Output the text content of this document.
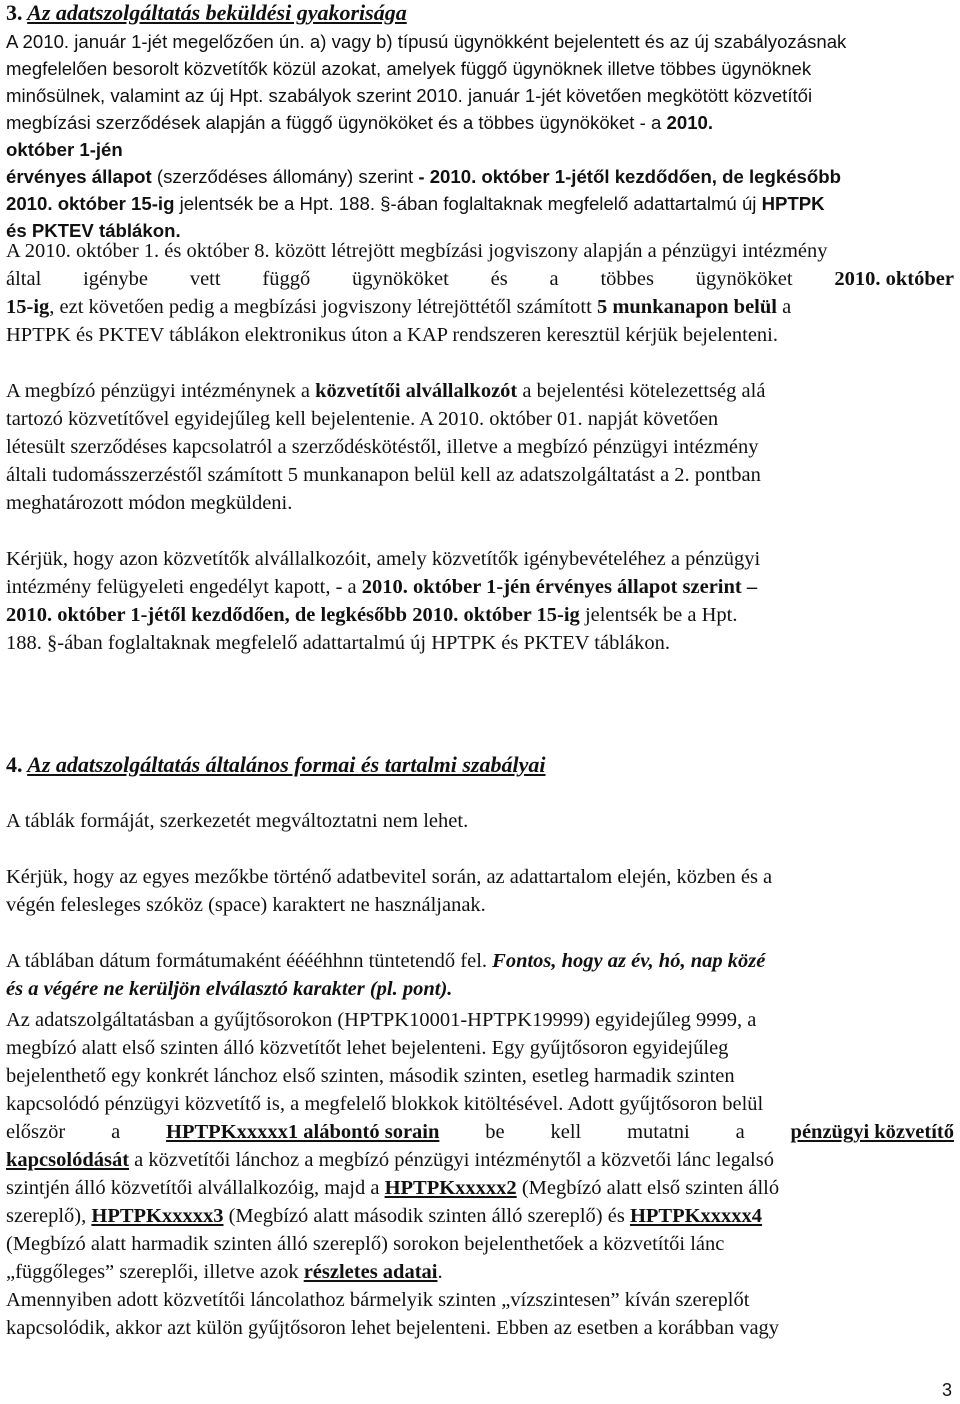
3. Az adatszolgáltatás beküldési gyakorisága

A 2010. január 1-jét megelőzően ún. a) vagy b) típusú ügynökként bejelentett és az új szabályozásnak

megfelelően besorolt közvetítők közül azokat, amelyek függő ügynöknek illetve többes ügynöknek

minősülnek, valamint az új Hpt. szabályok szerint 2010. január 1-jét követően megkötött közvetítői

megbízási szerződések alapján a függő ügynököket és a többes ügynököket - a 2010.

október 1-jén

érvényes állapot (szerződéses állomány) szerint - 2010. október 1-jétől kezdődően, de legkésőbb

2010. október 15-ig jelentsék be a Hpt. 188. §-ában foglaltaknak megfelelő adattartalmú új HPTPK

és PKTEV táblákon.

A 2010. október 1. és október 8. között létrejött megbízási jogviszony alapján a pénzügyi intézmény

által igénybe vett függő ügynököket és a többes ügynököket 2010. október

15-ig, ezt követően pedig a megbízási jogviszony létrejöttétől számított 5 munkanapon belül a

HPTPK és PKTEV táblákon elektronikus úton a KAP rendszeren keresztül kérjük bejelenteni.

A megbízó pénzügyi intézménynek a közvetítői alvállalkozót a bejelentési kötelezettség alá

tartozó közvetítővel egyidejűleg kell bejelentenie. A 2010. október 01. napját követően

létesült szerződéses kapcsolatról a szerződéskötéstől, illetve a megbízó pénzügyi intézmény

általi tudomásszerzéstől számított 5 munkanapon belül kell az adatszolgáltatást a 2. pontban

meghatározott módon megküldeni.

Kérjük, hogy azon közvetítők alvállalkozóit, amely közvetítők igénybevételéhez a pénzügyi

intézmény felügyeleti engedélyt kapott, - a 2010. október 1-jén érvényes állapot szerint –

2010. október 1-jétől kezdődően, de legkésőbb 2010. október 15-ig jelentsék be a Hpt.

188. §-ában foglaltaknak megfelelő adattartalmú új HPTPK és PKTEV táblákon.

4. Az adatszolgáltatás általános formai és tartalmi szabályai

A táblák formáját, szerkezetét megváltoztatni nem lehet.

Kérjük, hogy az egyes mezőkbe történő adatbevitel során, az adattartalom elején, közben és a

végén felesleges szóköz (space) karaktert ne használjanak.

A táblában dátum formátumaként ééééhhnn tüntetendő fel. Fontos, hogy az év, hó, nap közé

és a végére ne kerüljön elválasztó karakter (pl. pont).

Az adatszolgáltatásban a gyűjtősorokon (HPTPK10001-HPTPK19999) egyidejűleg 9999, a

megbízó alatt első szinten álló közvetítőt lehet bejelenteni. Egy gyűjtősoron egyidejűleg

bejelenthető egy konkrét lánchoz első szinten, második szinten, esetleg harmadik szinten

kapcsolódó pénzügyi közvetítő is, a megfelelő blokkok kitöltésével. Adott gyűjtősoron belül

először a HPTPKxxxxx1 alábontó sorain be kell mutatni a pénzügyi közvetítő

kapcsolódását a közvetítői lánchoz a megbízó pénzügyi intézménytől a közvetői lánc legalsó

szintjén álló közvetítői alvállalkozóig, majd a HPTPKxxxxx2 (Megbízó alatt első szinten álló

szereplő), HPTPKxxxxx3 (Megbízó alatt második szinten álló szereplő) és HPTPKxxxxx4

(Megbízó alatt harmadik szinten álló szereplő) sorokon bejelenthetőek a közvetítői lánc

„függőleges” szereplői, illetve azok részletes adatai.

Amennyiben adott közvetítői láncolathoz bármelyik szinten „vízszintesen” kíván szereplőt

kapcsolódik, akkor azt külön gyűjtősoron lehet bejelenteni. Ebben az esetben a korábban vagy

3
